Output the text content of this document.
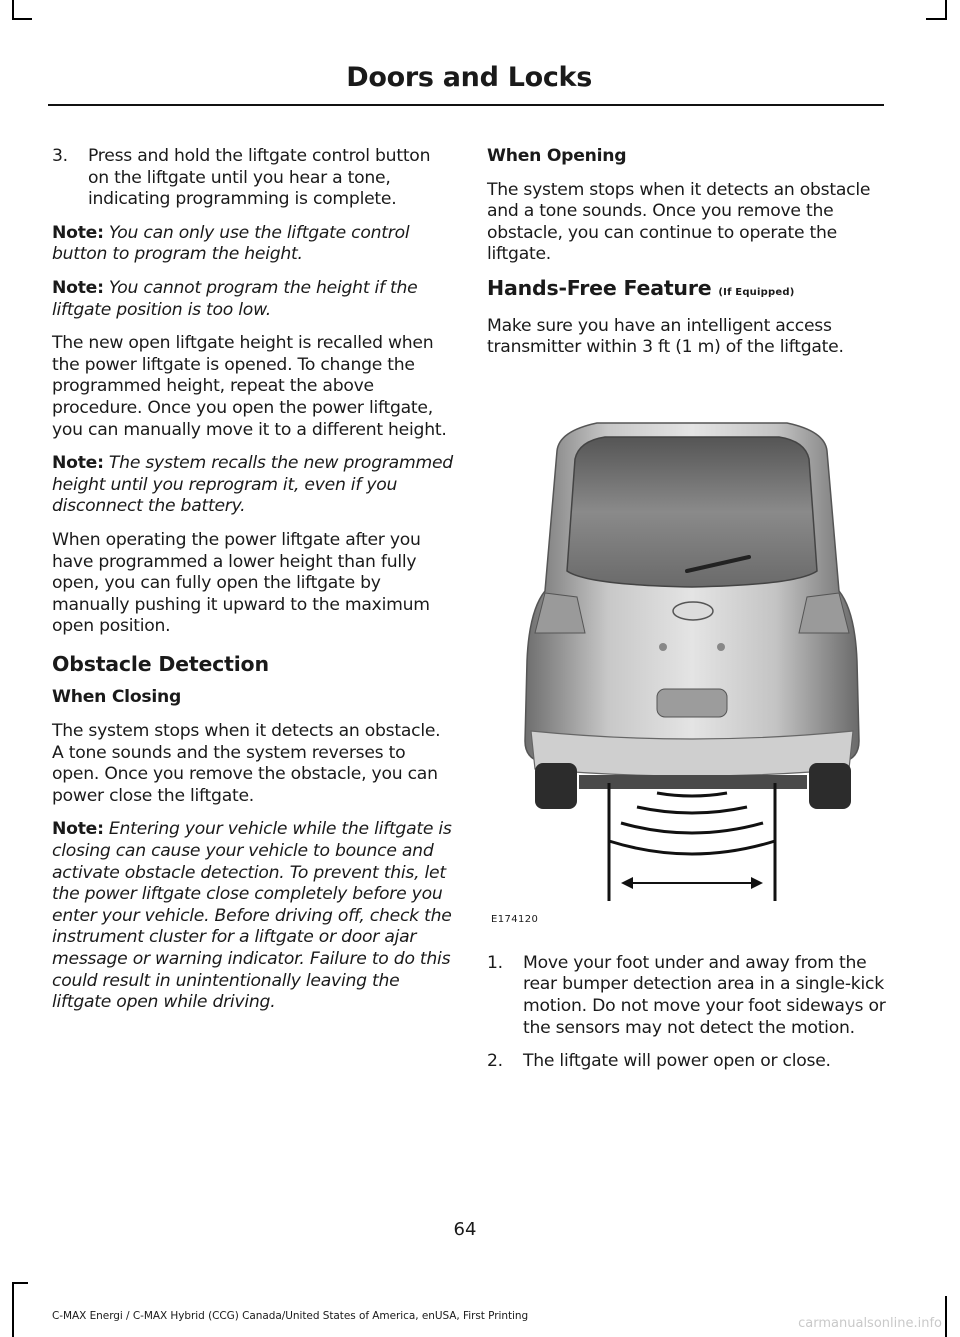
Doors and Locks
3.	Press and hold the liftgate control button on the liftgate until you hear a tone, indicating programming is complete.

Note: You can only use the liftgate control button to program the height.

Note: You cannot program the height if the liftgate position is too low.

The new open liftgate height is recalled when the power liftgate is opened. To change the programmed height, repeat the above procedure. Once you open the power liftgate, you can manually move it to a different height.

Note: The system recalls the new programmed height until you reprogram it, even if you disconnect the battery.

When operating the power liftgate after you have programmed a lower height than fully open, you can fully open the liftgate by manually pushing it upward to the maximum open position.

Obstacle Detection
When Closing

The system stops when it detects an obstacle. A tone sounds and the system reverses to open. Once you remove the obstacle, you can power close the liftgate.

Note: Entering your vehicle while the liftgate is closing can cause your vehicle to bounce and activate obstacle detection. To prevent this, let the power liftgate close completely before you enter your vehicle. Before driving off, check the instrument cluster for a liftgate or door ajar message or warning indicator. Failure to do this could result in unintentionally leaving the liftgate open while driving.

When Opening

The system stops when it detects an obstacle and a tone sounds. Once you remove the obstacle, you can continue to operate the liftgate.

Hands-Free Feature (If Equipped)

Make sure you have an intelligent access transmitter within 3 ft (1 m) of the liftgate.

E174120
1.	Move your foot under and away from the rear bumper detection area in a single-kick motion. Do not move your foot sideways or the sensors may not detect the motion.
2.	The liftgate will power open or close.
64
C-MAX Energi / C-MAX Hybrid (CCG) Canada/United States of America, enUSA, First Printing	carmanualsonline.info
